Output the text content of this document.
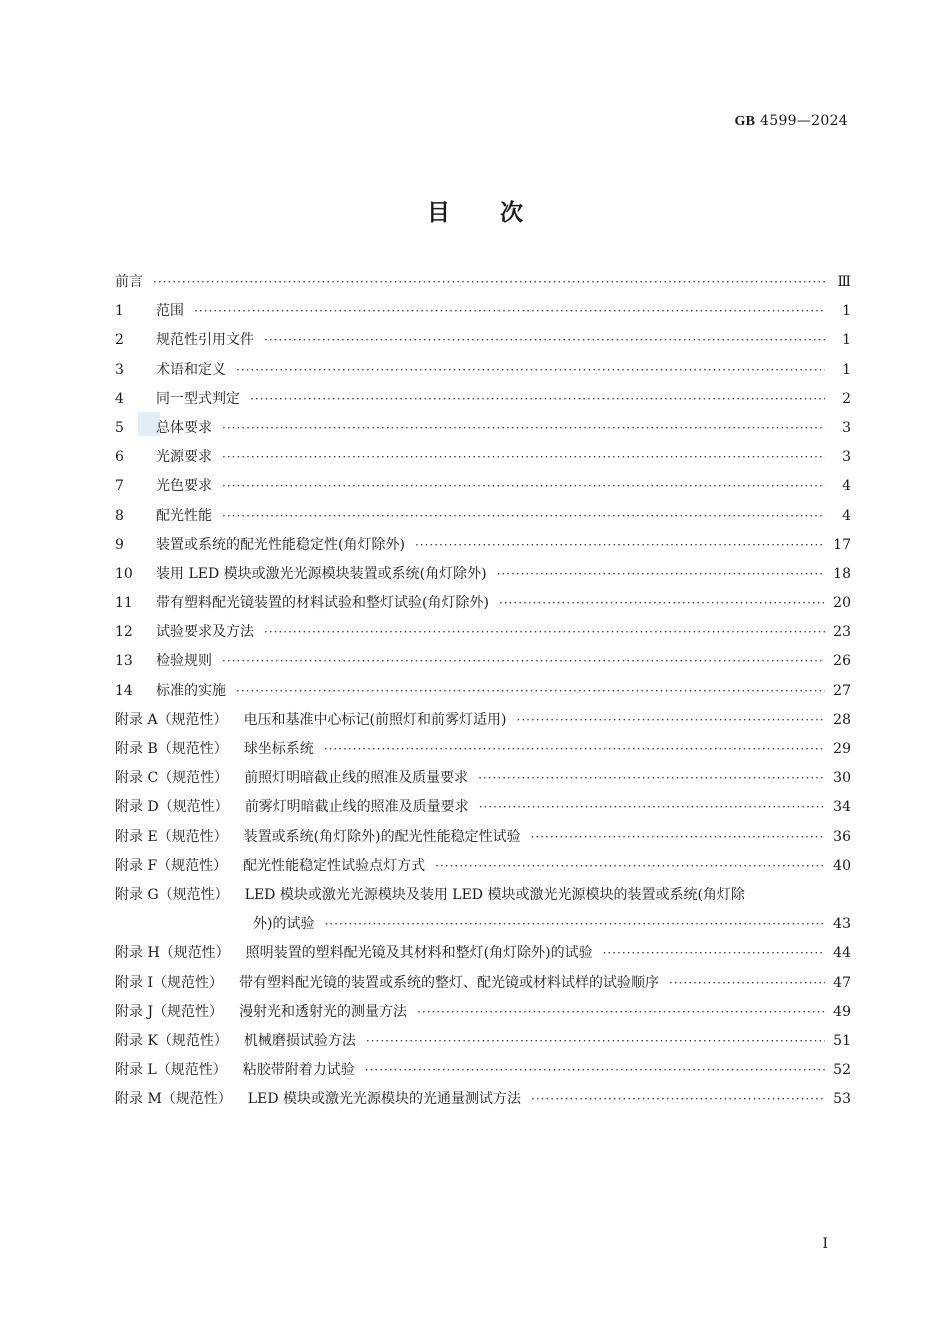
GB 4599—2024
目次
前言 ·····	Ⅲ
1 范围 ·····	1
2 规范性引用文件 ·····	1
3 术语和定义 ·····	1
4 同一型式判定 ·····	2
5 总体要求 ·····	3
6 光源要求 ·····	3
7 光色要求 ·····	4
8 配光性能 ·····	4
9 装置或系统的配光性能稳定性(角灯除外) ·····	17
10 装用 LED 模块或激光光源模块装置或系统(角灯除外) ·····	18
11 带有塑料配光镜装置的材料试验和整灯试验(角灯除外) ·····	20
12 试验要求及方法 ·····	23
13 检验规则 ·····	26
14 标准的实施 ·····	27
附录 A（规范性） 电压和基准中心标记(前照灯和前雾灯适用) ·····	28
附录 B（规范性） 球坐标系统 ·····	29
附录 C（规范性） 前照灯明暗截止线的照准及质量要求 ·····	30
附录 D（规范性） 前雾灯明暗截止线的照准及质量要求 ·····	34
附录 E（规范性） 装置或系统(角灯除外)的配光性能稳定性试验 ·····	36
附录 F（规范性） 配光性能稳定性试验点灯方式 ·····	40
附录 G（规范性） LED 模块或激光光源模块及装用 LED 模块或激光光源模块的装置或系统(角灯除
外)的试验 ·····	43
附录 H（规范性） 照明装置的塑料配光镜及其材料和整灯(角灯除外)的试验 ·····	44
附录 I（规范性） 带有塑料配光镜的装置或系统的整灯、配光镜或材料试样的试验顺序 ·····	47
附录 J（规范性） 漫射光和透射光的测量方法 ·····	49
附录 K（规范性） 机械磨损试验方法 ·····	51
附录 L（规范性） 粘胶带附着力试验 ·····	52
附录 M（规范性） LED 模块或激光光源模块的光通量测试方法 ·····	53
I
